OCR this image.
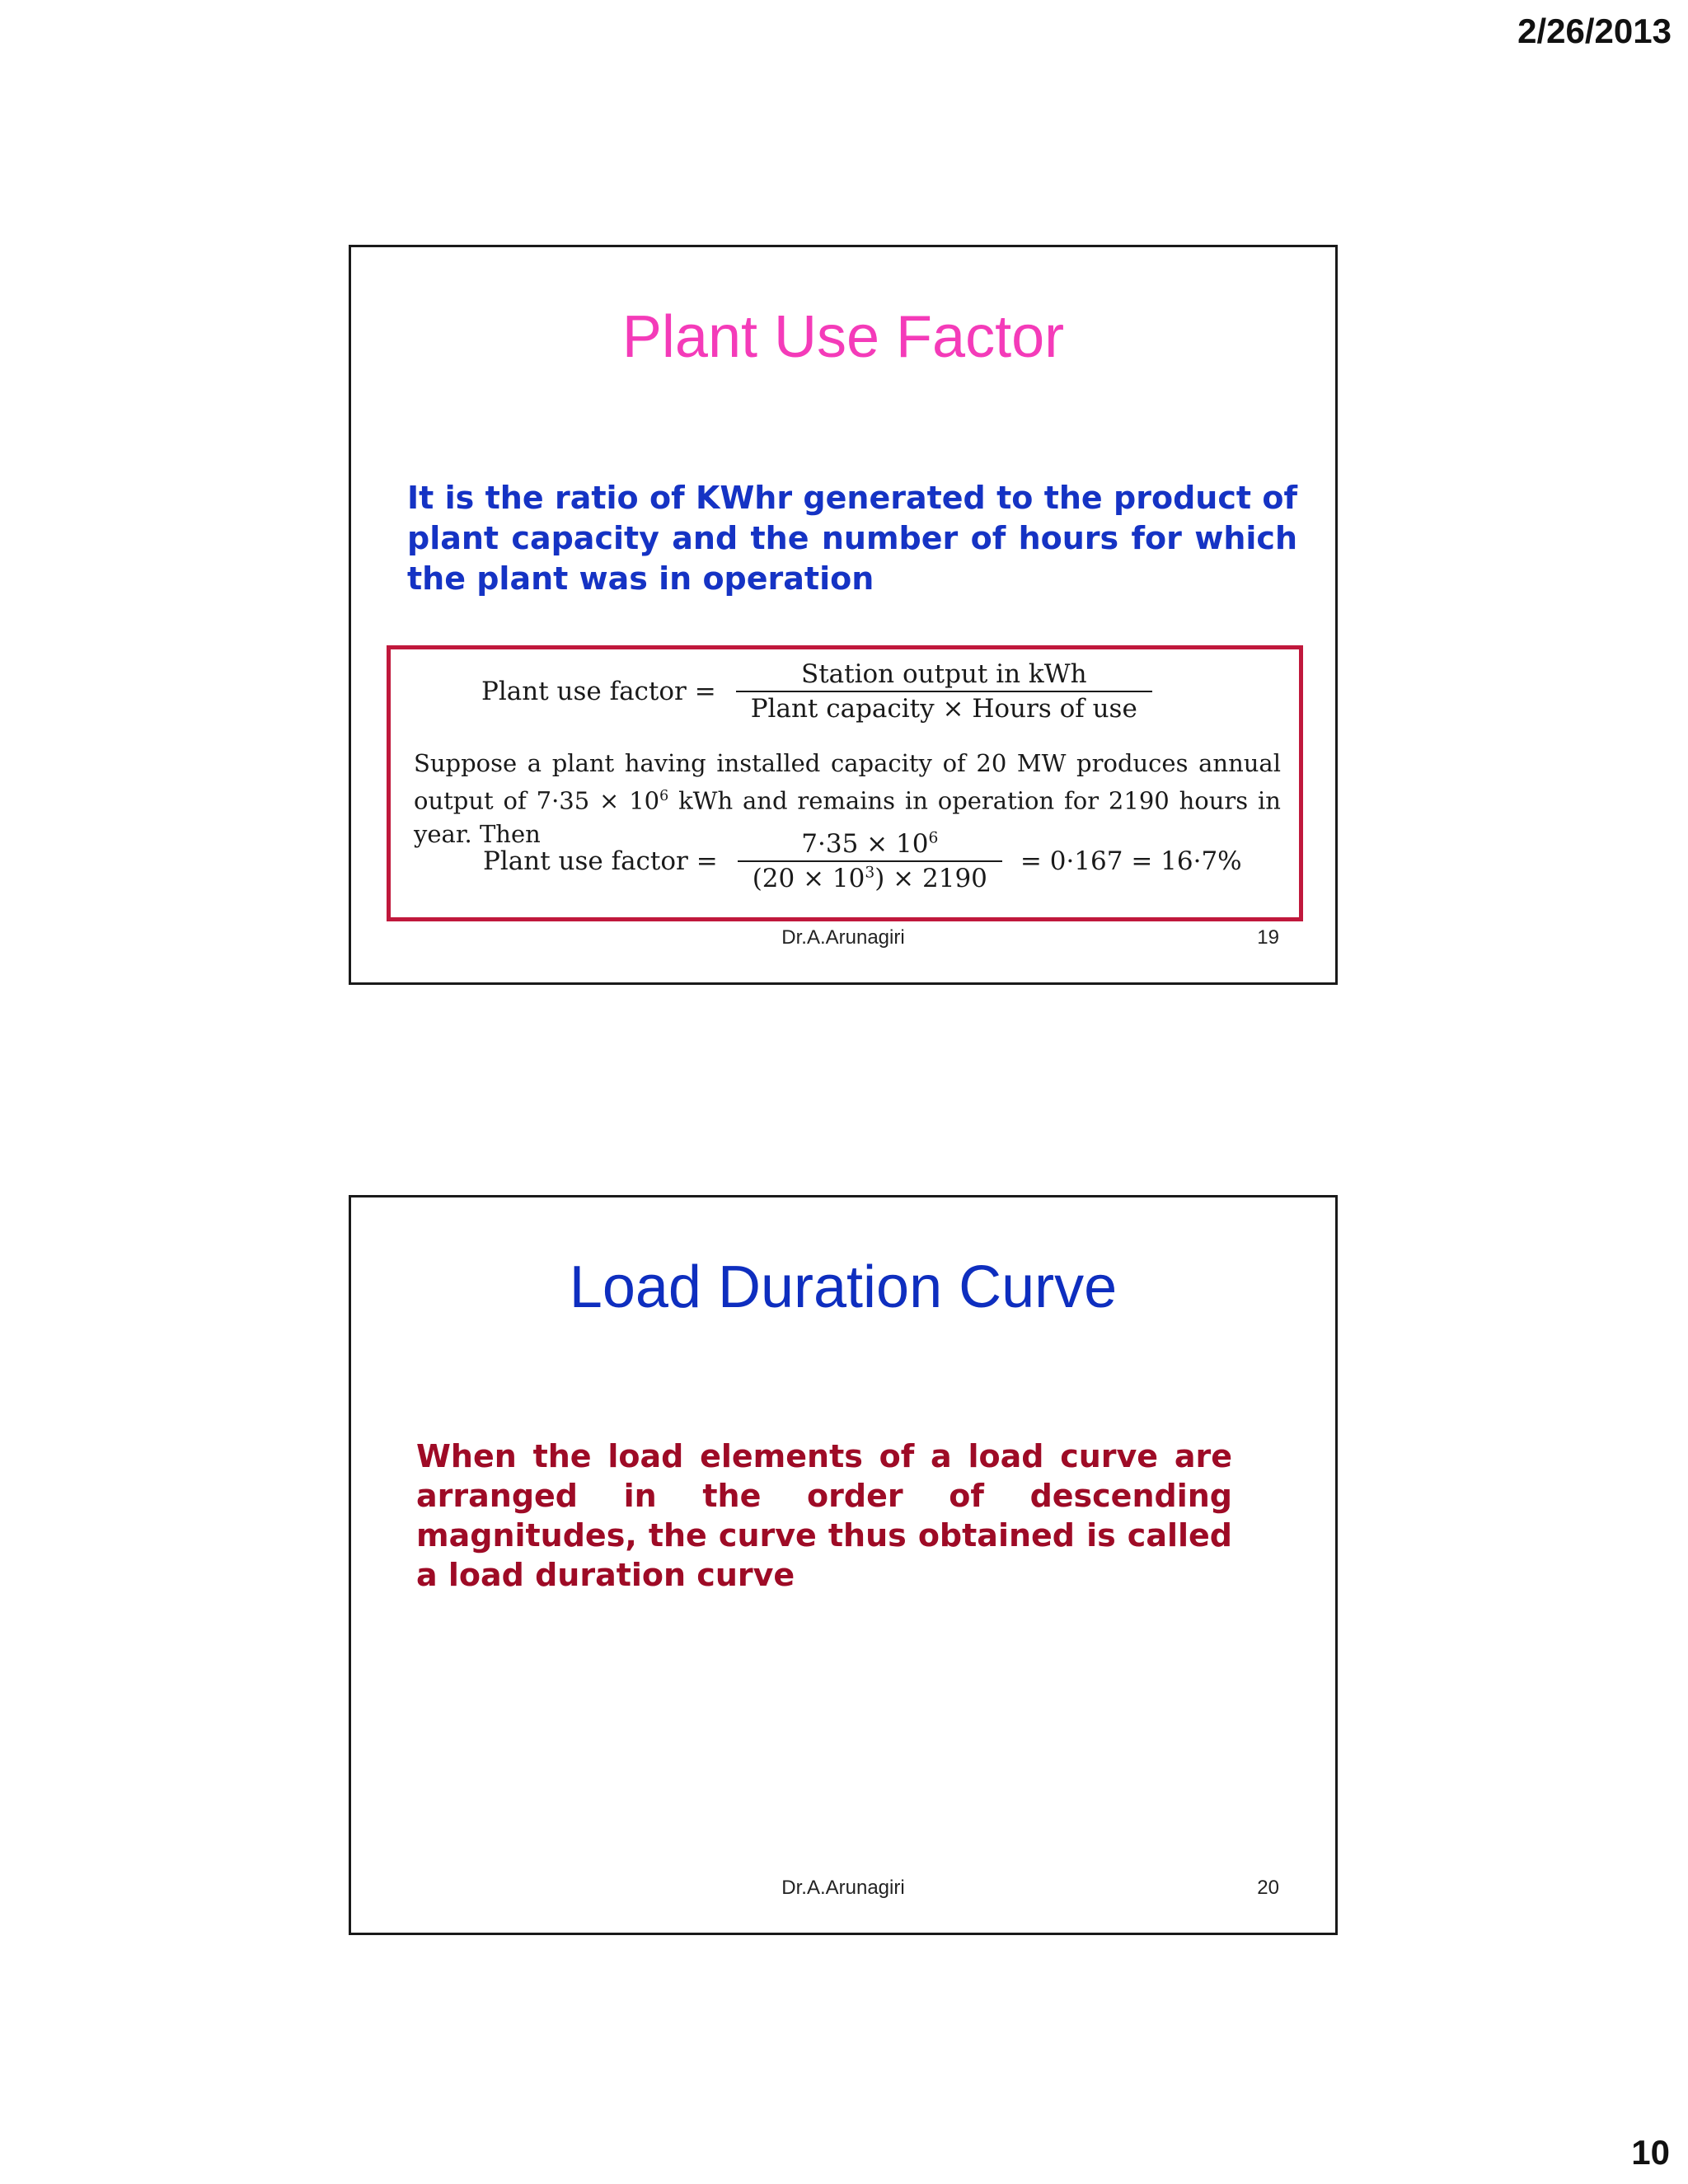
2/26/2013
Plant Use Factor
It is the ratio of KWhr generated to the product of plant capacity and the number of hours for which the plant was in operation
Plant use factor = $\frac{\text{Station output in kWh}}{\text{Plant capacity × Hours of use}}$
Suppose a plant having installed capacity of 20 MW produces annual output of $7\cdot 35 \times 10^6$ kWh and remains in operation for 2190 hours in year. Then
Plant use factor = $\frac{7\cdot 35 \times 10^6}{(20 \times 10^3) \times 2190} = 0\cdot 167 = 16\cdot 7\%$
Dr.A.Arunagiri	19
Load Duration Curve
When the load elements of a load curve are arranged in the order of descending magnitudes, the curve thus obtained is called a load duration curve
Dr.A.Arunagiri	20
10
